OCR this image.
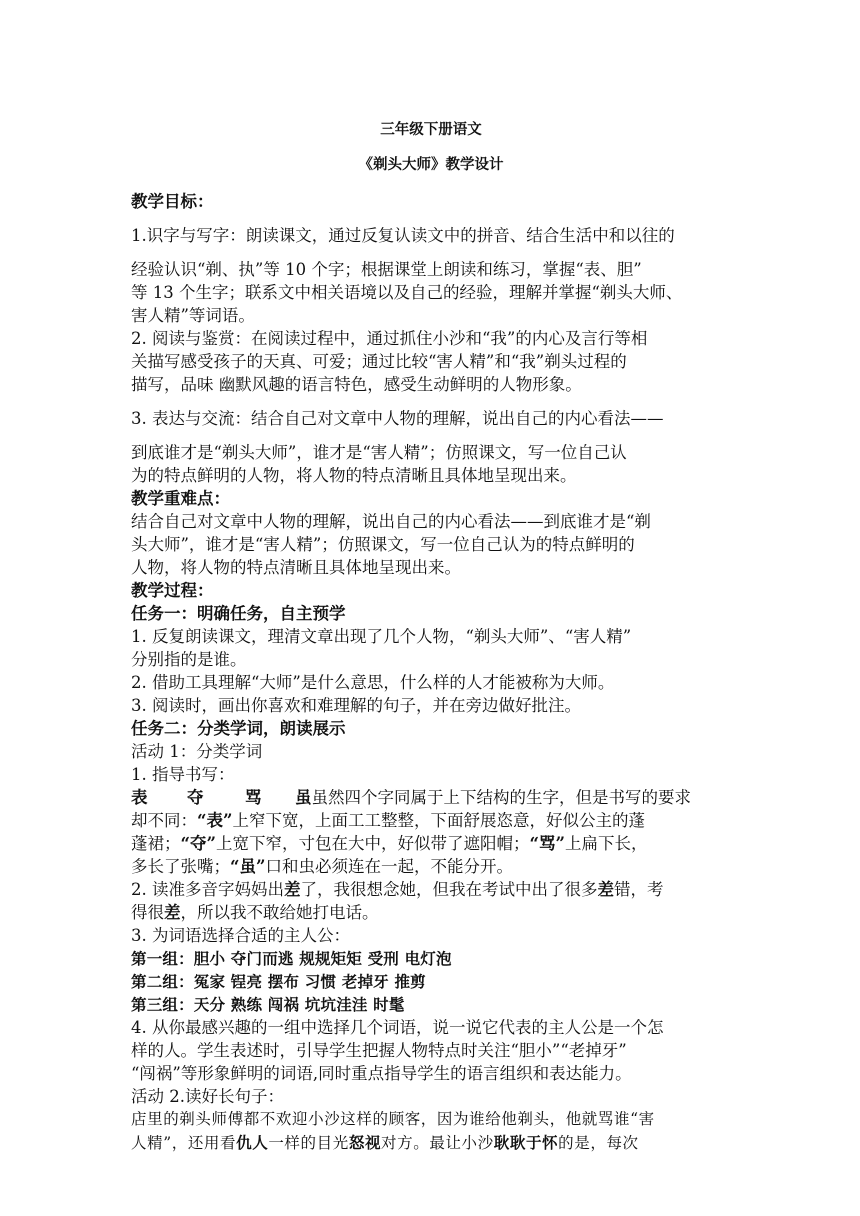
三年级下册语文

《剃头大师》教学设计

教学目标：

1.识字与写字：朗读课文，通过反复认读文中的拼音、结合生活中和以往的

经验认识“剃、执”等 10 个字；根据课堂上朗读和练习，掌握“表、胆”

等 13 个生字；联系文中相关语境以及自己的经验，理解并掌握“剃头大师、

害人精”等词语。

2. 阅读与鉴赏：在阅读过程中，通过抓住小沙和“我”的内心及言行等相

关描写感受孩子的天真、可爱；通过比较“害人精”和“我”剃头过程的

描写，品味 幽默风趣的语言特色，感受生动鲜明的人物形象。

3. 表达与交流：结合自己对文章中人物的理解，说出自己的内心看法——

到底谁才是“剃头大师”，谁才是“害人精”；仿照课文，写一位自己认

为的特点鲜明的人物，将人物的特点清晰且具体地呈现出来。

教学重难点：

结合自己对文章中人物的理解，说出自己的内心看法——到底谁才是“剃

头大师”，谁才是“害人精”；仿照课文，写一位自己认为的特点鲜明的

人物，将人物的特点清晰且具体地呈现出来。

教学过程：

任务一：明确任务，自主预学

1. 反复朗读课文，理清文章出现了几个人物，“剃头大师”、“害人精”

分别指的是谁。

2. 借助工具理解“大师”是什么意思，什么样的人才能被称为大师。

3. 阅读时，画出你喜欢和难理解的句子，并在旁边做好批注。

任务二：分类学词，朗读展示

活动 1：分类学词

1. 指导书写：

表 夺	骂 虽虽然四个字同属于上下结构的生字，但是书写的要求

却不同：“表”上窄下宽，上面工工整整，下面舒展恣意，好似公主的蓬

蓬裙；“夺”上宽下窄，寸包在大中，好似带了遮阳帽；“骂”上扁下长，

多长了张嘴；“虽”口和虫必须连在一起，不能分开。

2. 读准多音字妈妈出差了，我很想念她，但我在考试中出了很多差错，考

得很差，所以我不敢给她打电话。

3. 为词语选择合适的主人公：

第一组：胆小 夺门而逃 规规矩矩 受刑 电灯泡

第二组：冤家 锃亮 摆布 习惯 老掉牙 推剪

第三组：天分 熟练 闯祸 坑坑洼洼 时髦

4. 从你最感兴趣的一组中选择几个词语，说一说它代表的主人公是一个怎

样的人。学生表述时，引导学生把握人物特点时关注“胆小”“老掉牙”

“闯祸”等形象鲜明的词语,同时重点指导学生的语言组织和表达能力。

活动 2.读好长句子：

店里的剃头师傅都不欢迎小沙这样的顾客，因为谁给他剃头，他就骂谁“害

人精”，还用看仇人一样的目光怒视对方。最让小沙耿耿于怀的是，每次
